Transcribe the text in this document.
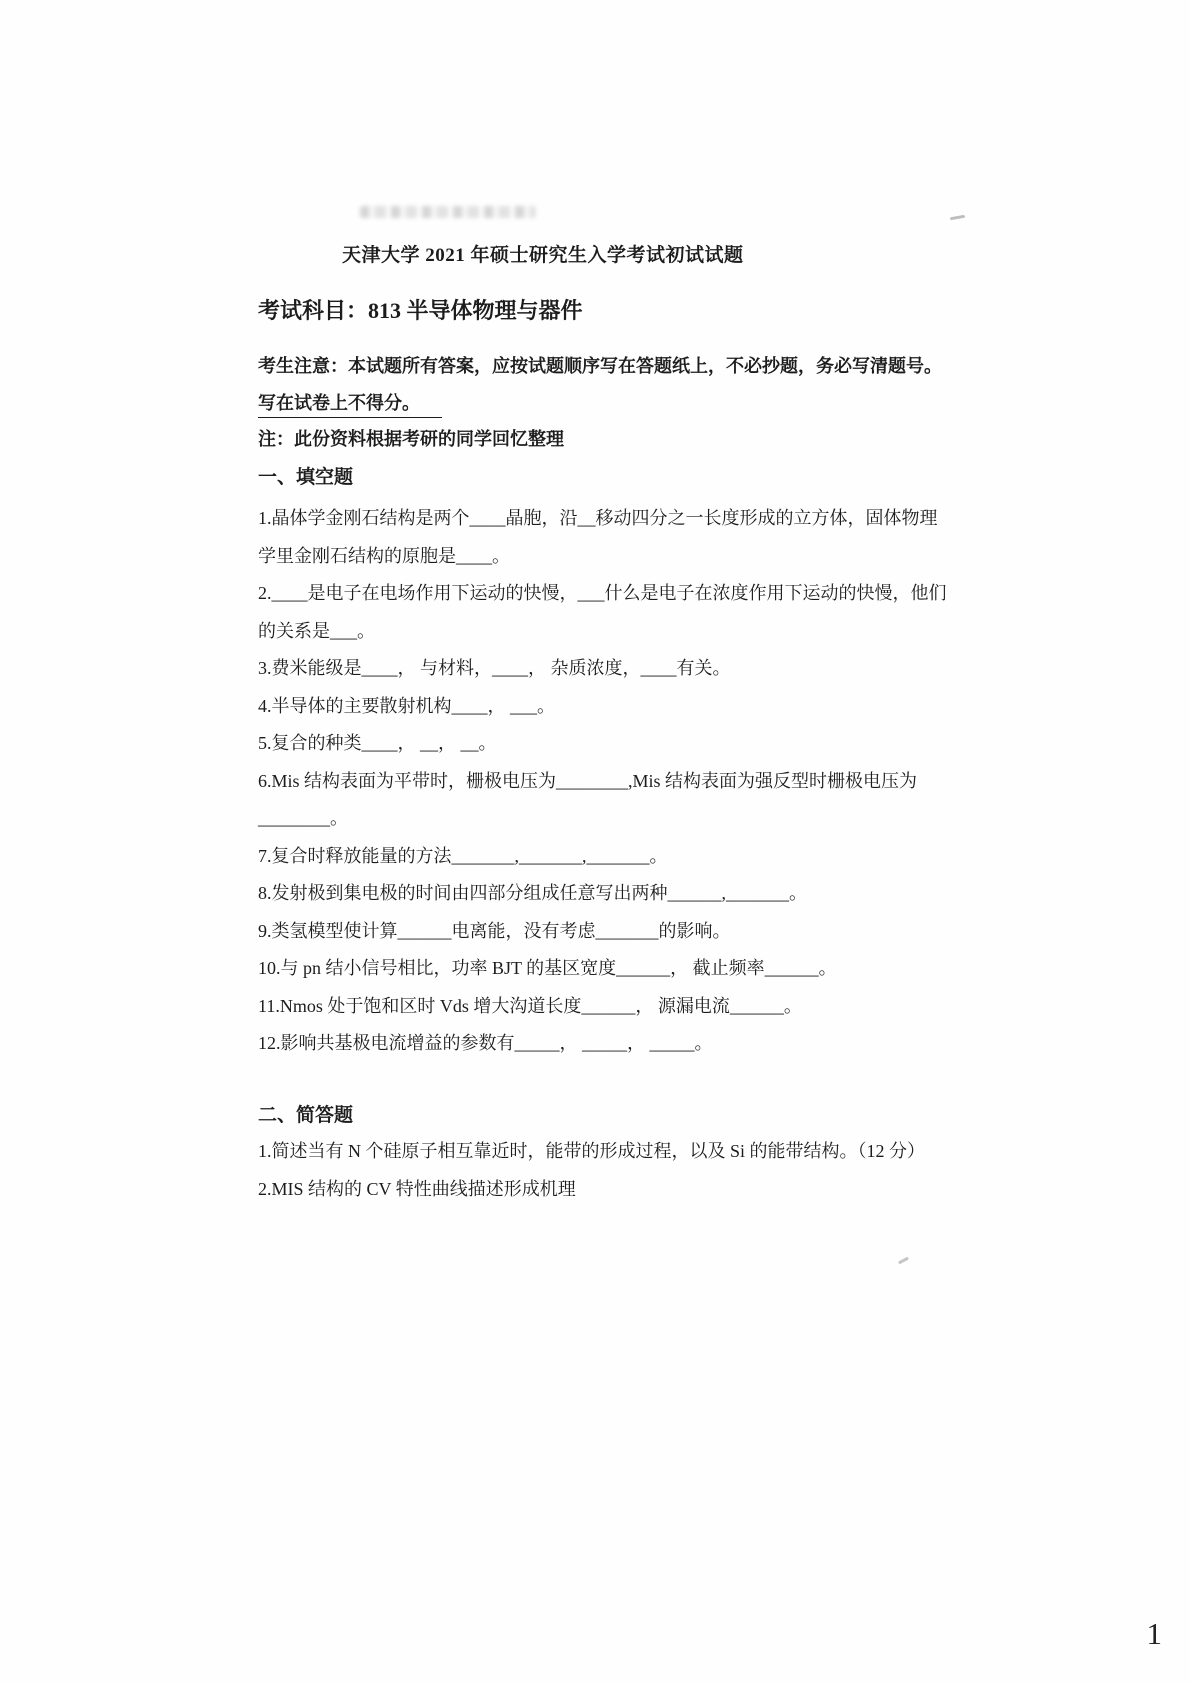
天津大学 2021 年硕士研究生入学考试初试试题
考试科目：813 半导体物理与器件
考生注意：本试题所有答案，应按试题顺序写在答题纸上，不必抄题，务必写清题号。
写在试卷上不得分。
注：此份资料根据考研的同学回忆整理
一、填空题
1.晶体学金刚石结构是两个____晶胞，沿__移动四分之一长度形成的立方体，固体物理
学里金刚石结构的原胞是____。
2.____是电子在电场作用下运动的快慢，___什么是电子在浓度作用下运动的快慢，他们
的关系是___。
3.费米能级是____， 与材料，____， 杂质浓度，____有关。
4.半导体的主要散射机构____， ___。
5.复合的种类____， __， __。
6.Mis 结构表面为平带时，栅极电压为________,Mis 结构表面为强反型时栅极电压为
________。
7.复合时释放能量的方法_______,_______,_______。
8.发射极到集电极的时间由四部分组成任意写出两种______,_______。
9.类氢模型使计算______电离能，没有考虑_______的影响。
10.与 pn 结小信号相比，功率 BJT 的基区宽度______， 截止频率______。
11.Nmos 处于饱和区时 Vds 增大沟道长度______， 源漏电流______。
12.影响共基极电流增益的参数有_____， _____， _____。
二、简答题
1.简述当有 N 个硅原子相互靠近时，能带的形成过程，以及 Si 的能带结构。（12 分）
2.MIS 结构的 CV 特性曲线描述形成机理
1
